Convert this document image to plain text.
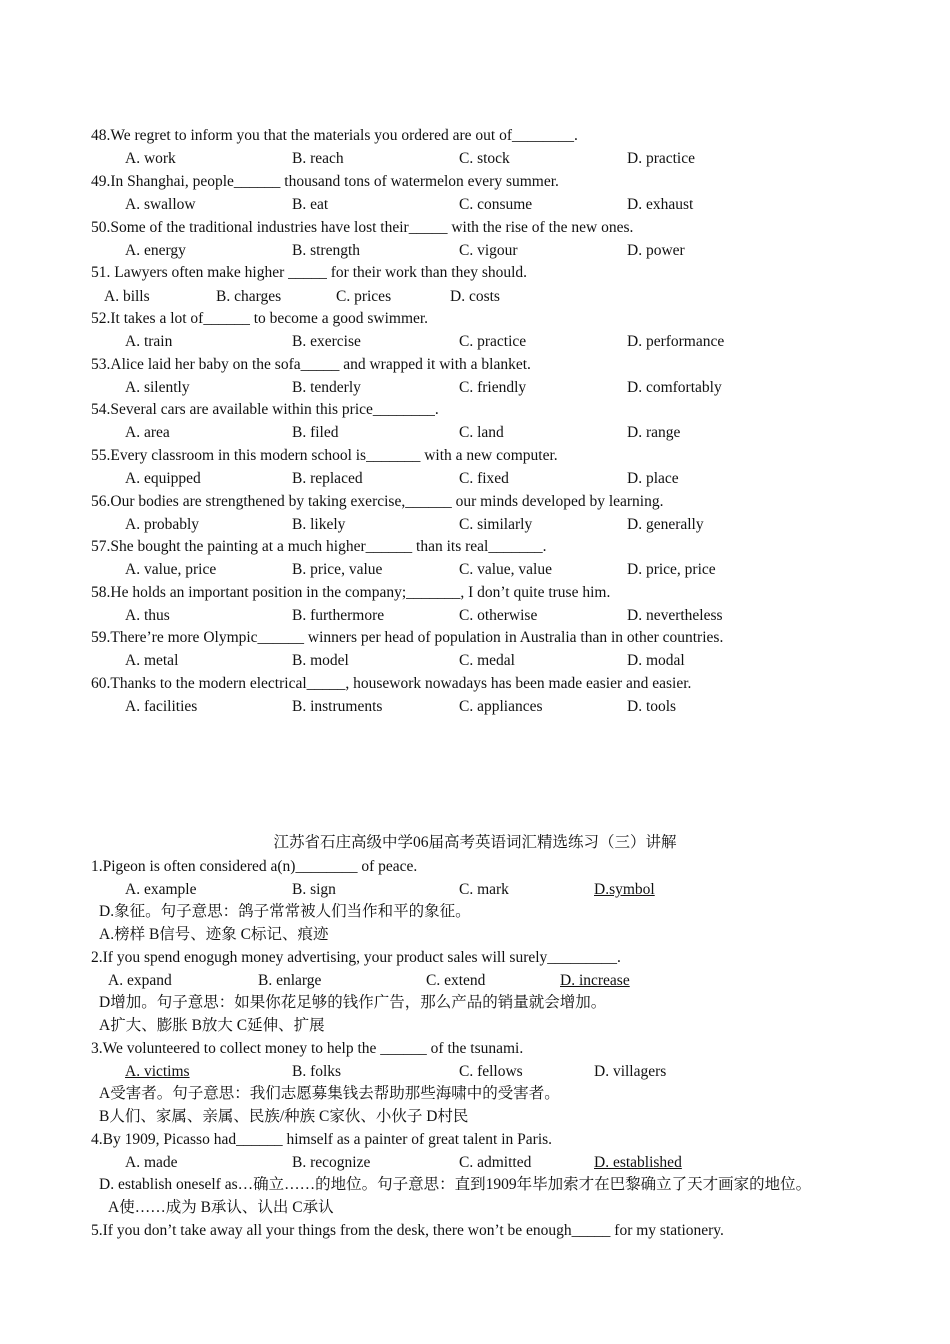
48.We regret to inform you that the materials you ordered are out of________.
A. work	B. reach	C. stock	D. practice
49.In Shanghai, people______ thousand tons of watermelon every summer.
A. swallow	B. eat	C. consume	D. exhaust
50.Some of the traditional industries have lost their_____ with the rise of the new ones.
A. energy	B. strength	C. vigour	D. power
51. Lawyers often make higher _____ for their work than they should.
A. bills	B. charges	C. prices	D. costs
52.It takes a lot of______ to become a good swimmer.
A. train	B. exercise	C. practice	D. performance
53.Alice laid her baby on the sofa_____ and wrapped it with a blanket.
A. silently	B. tenderly	C. friendly	D. comfortably
54.Several cars are available within this price________.
A. area	B. filed	C. land	D. range
55.Every classroom in this modern school is_______ with a new computer.
A. equipped	B. replaced	C. fixed	D. place
56.Our bodies are strengthened by taking exercise,______ our minds developed by learning.
A. probably	B. likely	C. similarly	D. generally
57.She bought the painting at a much higher______ than its real_______.
A. value, price	B. price, value	C. value, value	D. price, price
58.He holds an important position in the company;_______, I don’t quite truse him.
A. thus	B. furthermore	C. otherwise	D. nevertheless
59.There’re more Olympic______ winners per head of population in Australia than in other countries.
A. metal	B. model	C. medal	D. modal
60.Thanks to the modern electrical_____, housework nowadays has been made easier and easier.
A. facilities	B. instruments	C. appliances	D. tools
江苏省石庄高级中学06届高考英语词汇精选练习（三）讲解
1.Pigeon is often considered a(n)________ of peace.
A. example	B. sign	C. mark	D.symbol
D.象征。句子意思：鸽子常常被人们当作和平的象征。
A.榜样 B信号、迹象 C标记、痕迹
2.If you spend enogugh money advertising, your product sales will surely_________.
A. expand	B. enlarge	C. extend	D. increase
D增加。句子意思：如果你花足够的钱作广告，那么产品的销量就会增加。
A扩大、膨胀 B放大 C延伸、扩展
3.We volunteered to collect money to help the ______ of the tsunami.
A. victims	B. folks	C. fellows	D. villagers
A受害者。句子意思：我们志愿募集钱去帮助那些海啸中的受害者。
B人们、家属、亲属、民族/种族 C家伙、小伙子 D村民
4.By 1909, Picasso had______ himself as a painter of great talent in Paris.
A. made	B. recognize	C. admitted	D. established
D. establish oneself as…确立……的地位。句子意思：直到1909年毕加索才在巴黎确立了天才画家的地位。
A使……成为 B承认、认出 C承认
5.If you don’t take away all your things from the desk, there won’t be enough_____ for my stationery.
